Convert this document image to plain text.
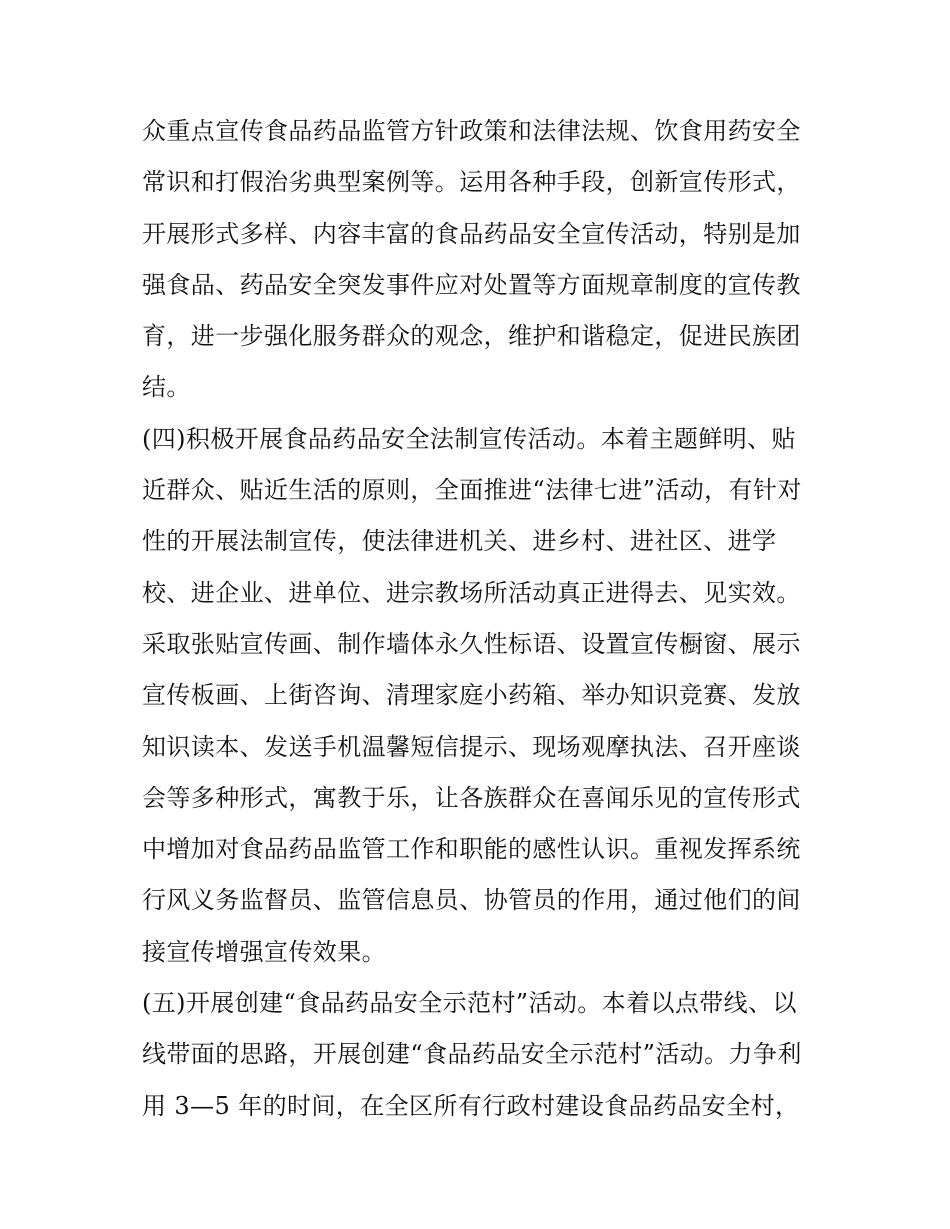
众重点宣传食品药品监管方针政策和法律法规、饮食用药安全
常识和打假治劣典型案例等。运用各种手段，创新宣传形式，
开展形式多样、内容丰富的食品药品安全宣传活动，特别是加
强食品、药品安全突发事件应对处置等方面规章制度的宣传教
育，进一步强化服务群众的观念，维护和谐稳定，促进民族团
结。
(四)积极开展食品药品安全法制宣传活动。本着主题鲜明、贴
近群众、贴近生活的原则，全面推进“法律七进”活动，有针对
性的开展法制宣传，使法律进机关、进乡村、进社区、进学
校、进企业、进单位、进宗教场所活动真正进得去、见实效。
采取张贴宣传画、制作墙体永久性标语、设置宣传橱窗、展示
宣传板画、上街咨询、清理家庭小药箱、举办知识竞赛、发放
知识读本、发送手机温馨短信提示、现场观摩执法、召开座谈
会等多种形式，寓教于乐，让各族群众在喜闻乐见的宣传形式
中增加对食品药品监管工作和职能的感性认识。重视发挥系统
行风义务监督员、监管信息员、协管员的作用，通过他们的间
接宣传增强宣传效果。
(五)开展创建“食品药品安全示范村”活动。本着以点带线、以
线带面的思路，开展创建“食品药品安全示范村”活动。力争利
用 3—5 年的时间，在全区所有行政村建设食品药品安全村，
